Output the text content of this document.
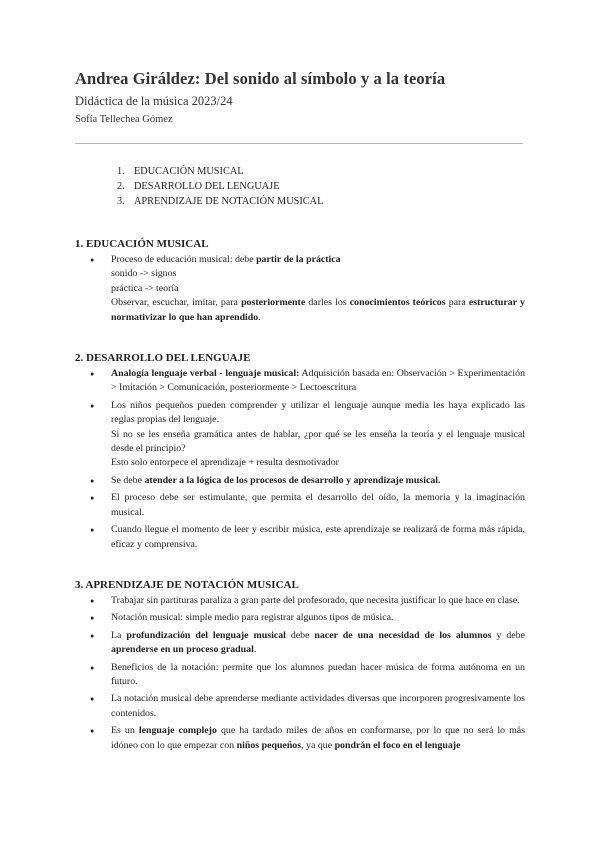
Andrea Giráldez: Del sonido al símbolo y a la teoría
Didáctica de la música 2023/24
Sofía Tellechea Gómez
1. EDUCACIÓN MUSICAL
2. DESARROLLO DEL LENGUAJE
3. APRENDIZAJE DE NOTACIÓN MUSICAL
1. EDUCACIÓN MUSICAL

● Proceso de educación musical: debe partir de la práctica

sonido -> signos

práctica -> teoría

Observar, escuchar, imitar, para posteriormente darles los conocimientos teóricos para estructurar y normativizar lo que han aprendido.

2. DESARROLLO DEL LENGUAJE

● Analogía lenguaje verbal - lenguaje musical: Adquisición basada en: Observación > Experimentación > Imitación > Comunicación, posteriormente > Lectoescritura

● Los niños pequeños pueden comprender y utilizar el lenguaje aunque media les haya explicado las reglas propias del lenguaje.

Si no se les enseña gramática antes de hablar, ¿por qué se les enseña la teoría y el lenguaje musical desde el principio?

Esto solo entorpece el aprendizaje + resulta desmotivador

● Se debe atender a la lógica de los procesos de desarrollo y aprendizaje musical.

● El proceso debe ser estimulante, que permita el desarrollo del oído, la memoria y la imaginación musical.

● Cuando llegue el momento de leer y escribir música, este aprendizaje se realizará de forma más rápida, eficaz y comprensiva.

3. APRENDIZAJE DE NOTACIÓN MUSICAL

● Trabajar sin partituras paraliza a gran parte del profesorado, que necesita justificar lo que hace en clase.

● Notación musical: simple medio para registrar algunos tipos de música.

● La profundización del lenguaje musical debe nacer de una necesidad de los alumnos y debe aprenderse en un proceso gradual.

● Beneficios de la notación: permite que los alumnos puedan hacer música de forma autónoma en un futuro.

● La notación musical debe aprenderse mediante actividades diversas que incorporen progresivamente los contenidos.

● Es un lenguaje complejo que ha tardado miles de años en conformarse, por lo que no será lo más idóneo con lo que empezar con niños pequeños, ya que pondrán el foco en el lenguaje
